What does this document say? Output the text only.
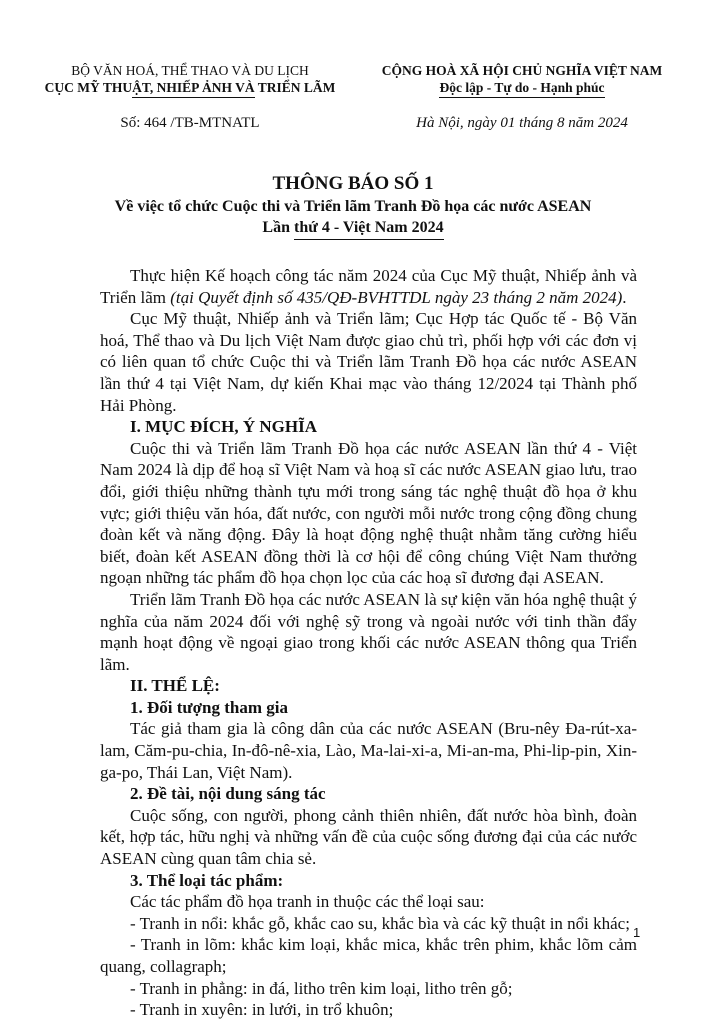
BỘ VĂN HOÁ, THỂ THAO VÀ DU LỊCH
CỤC MỸ THUẬT, NHIẾP ẢNH VÀ TRIỂN LÃM
CỘNG HOÀ XÃ HỘI CHỦ NGHĨA VIỆT NAM
Độc lập - Tự do - Hạnh phúc
Số: 464 /TB-MTNATL	Hà Nội, ngày 01 tháng 8 năm 2024
THÔNG BÁO SỐ 1
Về việc tổ chức Cuộc thi và Triển lãm Tranh Đồ họa các nước ASEAN
Lần thứ 4 - Việt Nam 2024

Thực hiện Kế hoạch công tác năm 2024 của Cục Mỹ thuật, Nhiếp ảnh và Triển lãm (tại Quyết định số 435/QĐ-BVHTTDL ngày 23 tháng 2 năm 2024).

Cục Mỹ thuật, Nhiếp ảnh và Triển lãm; Cục Hợp tác Quốc tế - Bộ Văn hoá, Thể thao và Du lịch Việt Nam được giao chủ trì, phối hợp với các đơn vị có liên quan tổ chức Cuộc thi và Triển lãm Tranh Đồ họa các nước ASEAN lần thứ 4 tại Việt Nam, dự kiến Khai mạc vào tháng 12/2024 tại Thành phố Hải Phòng.

I. MỤC ĐÍCH, Ý NGHĨA

Cuộc thi và Triển lãm Tranh Đồ họa các nước ASEAN lần thứ 4 - Việt Nam 2024 là dịp để hoạ sĩ Việt Nam và hoạ sĩ các nước ASEAN giao lưu, trao đổi, giới thiệu những thành tựu mới trong sáng tác nghệ thuật đồ họa ở khu vực; giới thiệu văn hóa, đất nước, con người mỗi nước trong cộng đồng chung đoàn kết và năng động. Đây là hoạt động nghệ thuật nhằm tăng cường hiểu biết, đoàn kết ASEAN đồng thời là cơ hội để công chúng Việt Nam thưởng ngoạn những tác phẩm đồ họa chọn lọc của các hoạ sĩ đương đại ASEAN.

Triển lãm Tranh Đồ họa các nước ASEAN là sự kiện văn hóa nghệ thuật ý nghĩa của năm 2024 đối với nghệ sỹ trong và ngoài nước với tinh thần đẩy mạnh hoạt động về ngoại giao trong khối các nước ASEAN thông qua Triển lãm.

II. THỂ LỆ:

1. Đối tượng tham gia

Tác giả tham gia là công dân của các nước ASEAN (Bru-nêy Đa-rút-xa-lam, Căm-pu-chia, In-đô-nê-xia, Lào, Ma-lai-xi-a, Mi-an-ma, Phi-lip-pin, Xin-ga-po, Thái Lan, Việt Nam).

2. Đề tài, nội dung sáng tác

Cuộc sống, con người, phong cảnh thiên nhiên, đất nước hòa bình, đoàn kết, hợp tác, hữu nghị và những vấn đề của cuộc sống đương đại của các nước ASEAN cùng quan tâm chia sẻ.

3. Thể loại tác phẩm:

Các tác phẩm đồ họa tranh in thuộc các thể loại sau:

- Tranh in nổi: khắc gỗ, khắc cao su, khắc bìa và các kỹ thuật in nổi khác;

- Tranh in lõm: khắc kim loại, khắc mica, khắc trên phim, khắc lõm cảm quang, collagraph;

- Tranh in phẳng: in đá, litho trên kim loại, litho trên gỗ;

- Tranh in xuyên: in lưới, in trổ khuôn;

1
